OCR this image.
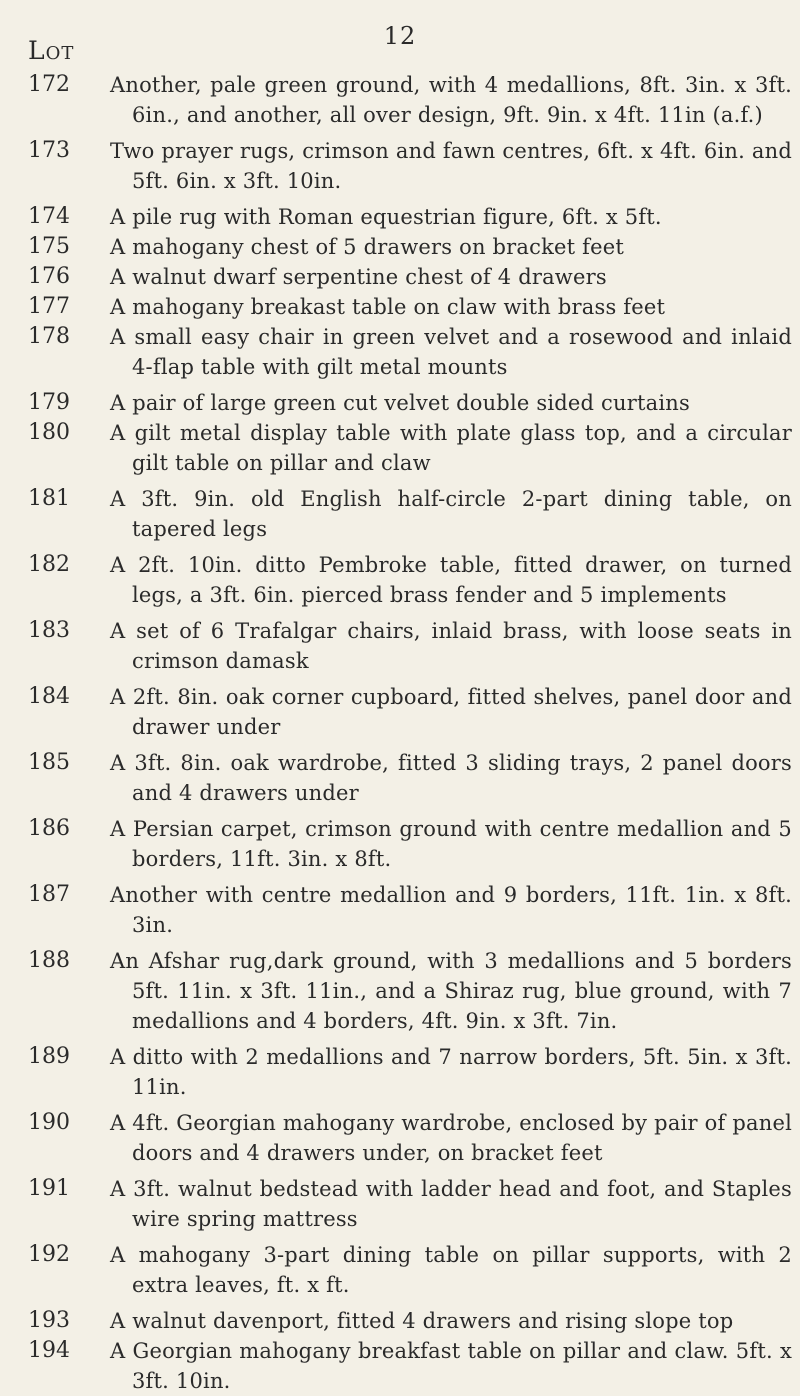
12
Lot
172	Another, pale green ground, with 4 medallions, 8ft. 3in. x 3ft. 6in., and another, all over design, 9ft. 9in. x 4ft. 11in (a.f.)
173	Two prayer rugs, crimson and fawn centres, 6ft. x 4ft. 6in. and 5ft. 6in. x 3ft. 10in.
174	A pile rug with Roman equestrian figure, 6ft. x 5ft.
175	A mahogany chest of 5 drawers on bracket feet
176	A walnut dwarf serpentine chest of 4 drawers
177	A mahogany breakast table on claw with brass feet
178	A small easy chair in green velvet and a rosewood and inlaid 4-flap table with gilt metal mounts
179	A pair of large green cut velvet double sided curtains
180	A gilt metal display table with plate glass top, and a circular gilt table on pillar and claw
181	A 3ft. 9in. old English half-circle 2-part dining table, on tapered legs
182	A 2ft. 10in. ditto Pembroke table, fitted drawer, on turned legs, a 3ft. 6in. pierced brass fender and 5 implements
183	A set of 6 Trafalgar chairs, inlaid brass, with loose seats in crimson damask
184	A 2ft. 8in. oak corner cupboard, fitted shelves, panel door and drawer under
185	A 3ft. 8in. oak wardrobe, fitted 3 sliding trays, 2 panel doors and 4 drawers under
186	A Persian carpet, crimson ground with centre medallion and 5 borders, 11ft. 3in. x 8ft.
187	Another with centre medallion and 9 borders, 11ft. 1in. x 8ft. 3in.
188	An Afshar rug,dark ground, with 3 medallions and 5 borders 5ft. 11in. x 3ft. 11in., and a Shiraz rug, blue ground, with 7 medallions and 4 borders, 4ft. 9in. x 3ft. 7in.
189	A ditto with 2 medallions and 7 narrow borders, 5ft. 5in. x 3ft. 11in.
190	A 4ft. Georgian mahogany wardrobe, enclosed by pair of panel doors and 4 drawers under, on bracket feet
191	A 3ft. walnut bedstead with ladder head and foot, and Staples wire spring mattress
192	A mahogany 3-part dining table on pillar supports, with 2 extra leaves, ft. x ft.
193	A walnut davenport, fitted 4 drawers and rising slope top
194	A Georgian mahogany breakfast table on pillar and claw. 5ft. x 3ft. 10in.
